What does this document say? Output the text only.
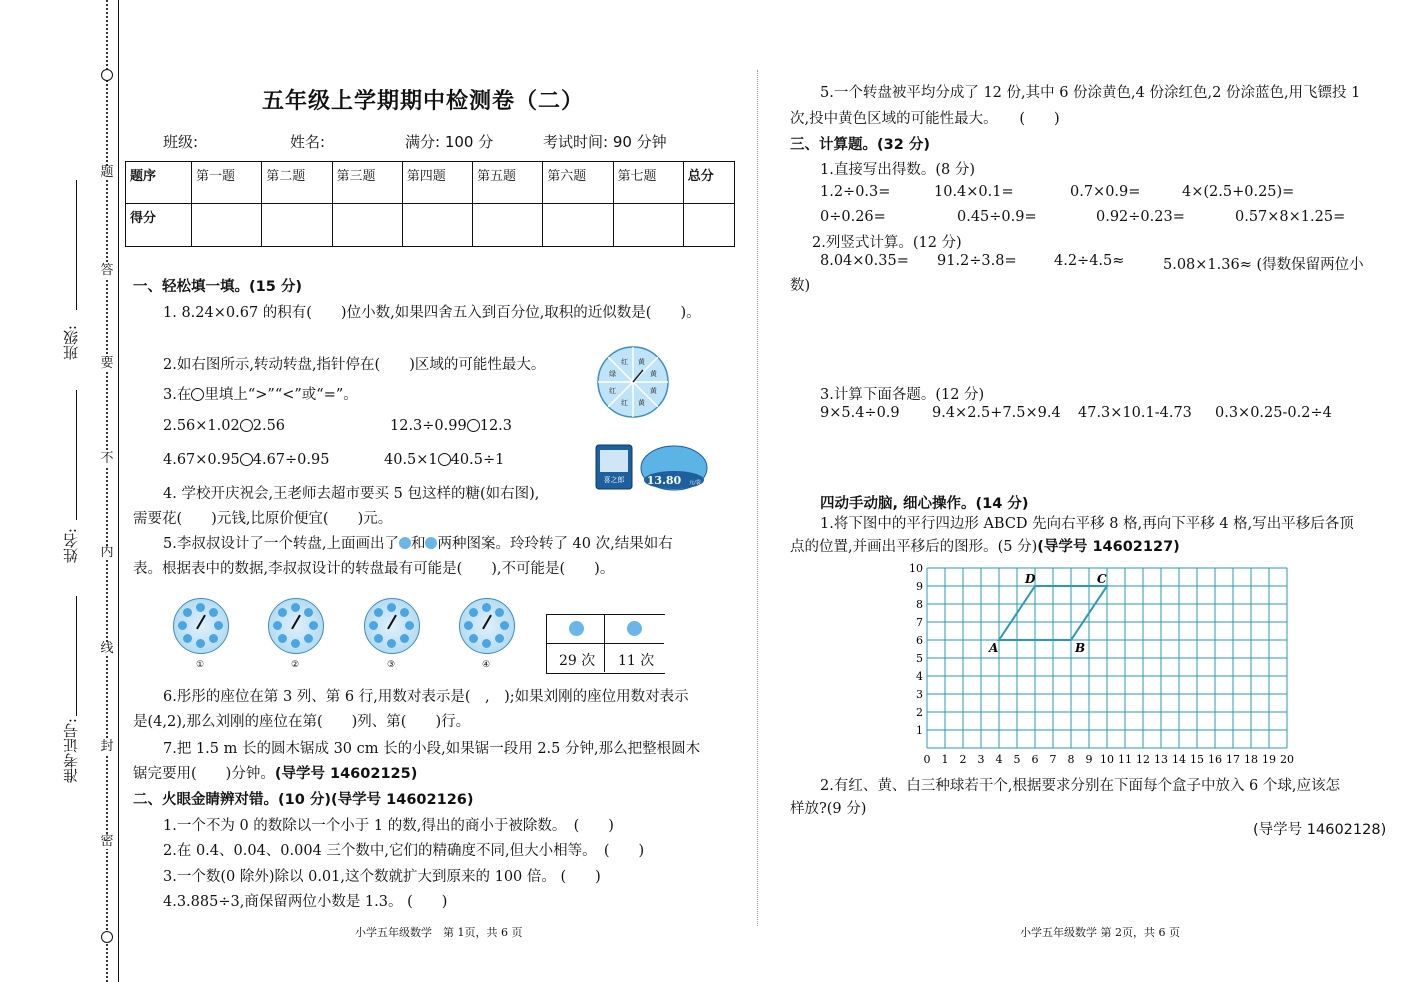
题
答
要
不
内
线
封
密
班级:
姓名:
准考证号:
五年级上学期期中检测卷（二）
班级:	姓名:	满分: 100 分	考试时间: 90 分钟
题序	第一题	第二题	第三题	第四题	第五题	第六题	第七题	总分
得分								
一、轻松填一填。(15 分)
1. 8.24×0.67 的积有(　　)位小数,如果四舍五入到百分位,取积的近似数是(　　)。
2.如右图所示,转动转盘,指针停在(　　)区域的可能性最大。	黄
黄
黄
黄
红
红
绿
红
3.在 里填上“>”“<”或“=”。
2.56×1.02 2.56	12.3÷0.99 12.3
4.67×0.95 4.67÷0.95	40.5×1 40.5÷1
喜之郎 13.80 元/袋
4. 学校开庆祝会,王老师去超市要买 5 包这样的糖(如右图),
需要花(　　)元钱,比原价便宜(　　)元。
5.李叔叔设计了一个转盘,上面画出了 和 两种图案。玲玲转了 40 次,结果如右
表。根据表中的数据,李叔叔设计的转盘最有可能是(　　),不可能是(　　)。
①	②	③	④	29 次 11 次
6.彤彤的座位在第 3 列、第 6 行,用数对表示是(　,　);如果刘刚的座位用数对表示
是(4,2),那么刘刚的座位在第(　　)列、第(　　)行。
7.把 1.5 m 长的圆木锯成 30 cm 长的小段,如果锯一段用 2.5 分钟,那么把整根圆木
锯完要用(　　)分钟。(导学号 14602125)
二、火眼金睛辨对错。(10 分)(导学号 14602126)
1.一个不为 0 的数除以一个小于 1 的数,得出的商小于被除数。　(　　)
2.在 0.4、0.04、0.004 三个数中,它们的精确度不同,但大小相等。　(　　)
3.一个数(0 除外)除以 0.01,这个数就扩大到原来的 100 倍。 (　　)
4.3.885÷3,商保留两位小数是 1.3。 (　　)
小学五年级数学　第 1页，共 6 页
5.一个转盘被平均分成了 12 份,其中 6 份涂黄色,4 份涂红色,2 份涂蓝色,用飞镖投 1
次,投中黄色区域的可能性最大。　　(　　)
三、计算题。(32 分)
1.直接写出得数。(8 分)
1.2÷0.3=	10.4×0.1=	0.7×0.9=	4×(2.5+0.25)=
0÷0.26=	0.45÷0.9=	0.92÷0.23=	0.57×8×1.25=
2.列竖式计算。(12 分)
8.04×0.35= 91.2÷3.8=	4.2÷4.5≈	5.08×1.36≈ (得数保留两位小
数)
3.计算下面各题。(12 分)
9×5.4÷0.9 9.4×2.5+7.5×9.4 47.3×10.1-4.73 0.3×0.25-0.2÷4
四动手动脑, 细心操作。(14 分)
1.将下图中的平行四边形 ABCD 先向右平移 8 格,再向下平移 4 格,写出平移后各顶
点的位置,并画出平移后的图形。(5 分)(导学号 14602127)
0 1 2 3 4 5 6 7 8 9 10 11 12 13 14 15 16 17 18 19 20
1
2
3
4
5
6
7
8
9
10
A	B
C
D
2.有红、黄、白三种球若干个,根据要求分别在下面每个盒子中放入 6 个球,应该怎
样放?(9 分)
(导学号 14602128)
小学五年级数学 第 2页，共 6 页
